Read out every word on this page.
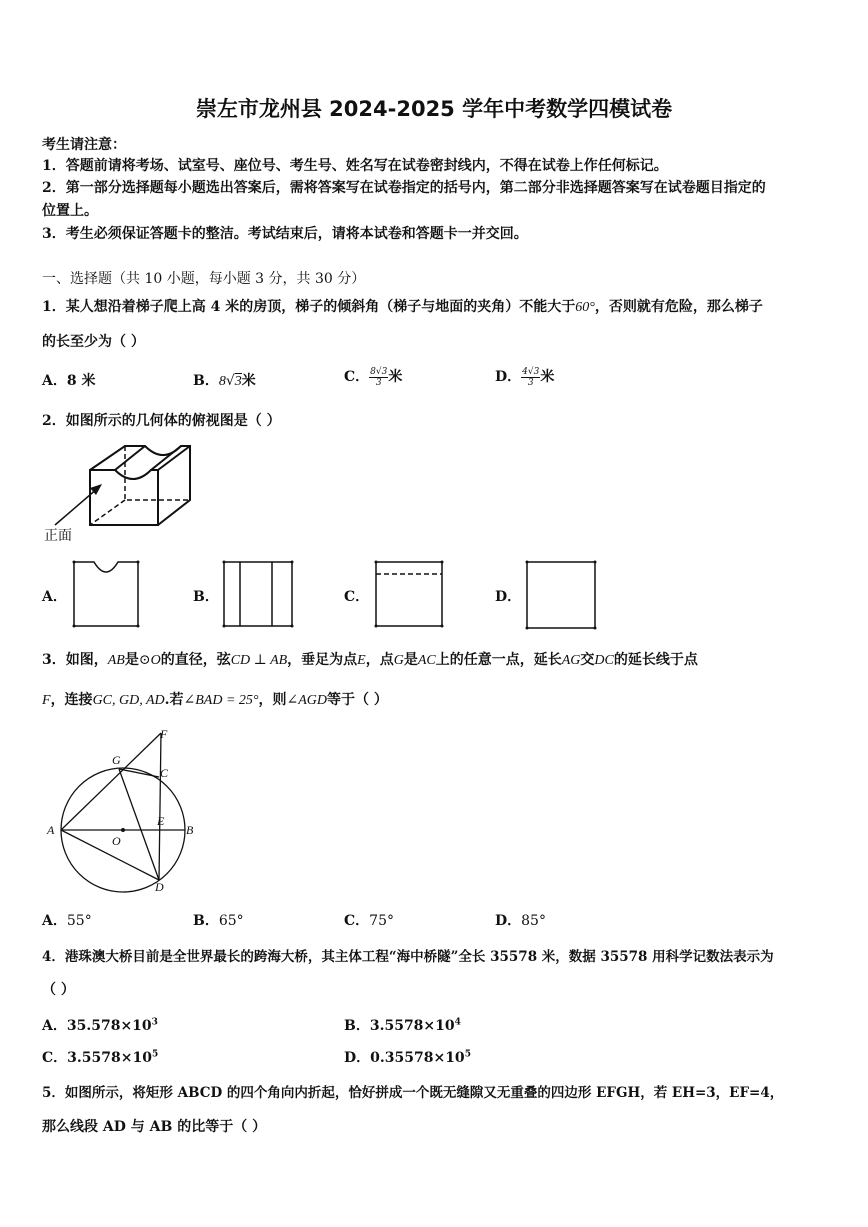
崇左市龙州县 2024-2025 学年中考数学四模试卷
考生请注意：
1．答题前请将考场、试室号、座位号、考生号、姓名写在试卷密封线内，不得在试卷上作任何标记。
2．第一部分选择题每小题选出答案后，需将答案写在试卷指定的括号内，第二部分非选择题答案写在试卷题目指定的
位置上。
3．考生必须保证答题卡的整洁。考试结束后，请将本试卷和答题卡一并交回。
一、选择题（共 10 小题，每小题 3 分，共 30 分）
1．某人想沿着梯子爬上高 4 米的房顶，梯子的倾斜角（梯子与地面的夹角）不能大于60°，否则就有危险，那么梯子
的长至少为（ ）
A．8 米	B．8√3米	C． $\frac{8√3}{3}$ 米	D． $\frac{4√3}{3}$ 米
2．如图所示的几何体的俯视图是（ ）
正面
A．	B．	C．	D．
3．如图，AB是⊙O的直径，弦CD ⊥ AB，垂足为点E，点G是AC上的任意一点，延长AG交DC的延长线于点
F，连接GC, GD, AD.若∠BAD = 25°，则∠AGD等于（ ）
A	B
C
D
E
F
G
O
A．55°	B．65°	C．75°	D．85°
4．港珠澳大桥目前是全世界最长的跨海大桥，其主体工程“海中桥隧”全长 35578 米，数据 35578 用科学记数法表示为
（ ）
A．$35.578\times 10^3$	B．$3.5578\times 10^4$
C．$3.5578\times 10^5$	D．$0.35578\times 10^5$
5．如图所示，将矩形 ABCD 的四个角向内折起，恰好拼成一个既无缝隙又无重叠的四边形 EFGH，若 EH=3，EF=4，
那么线段 AD 与 AB 的比等于（ ）
